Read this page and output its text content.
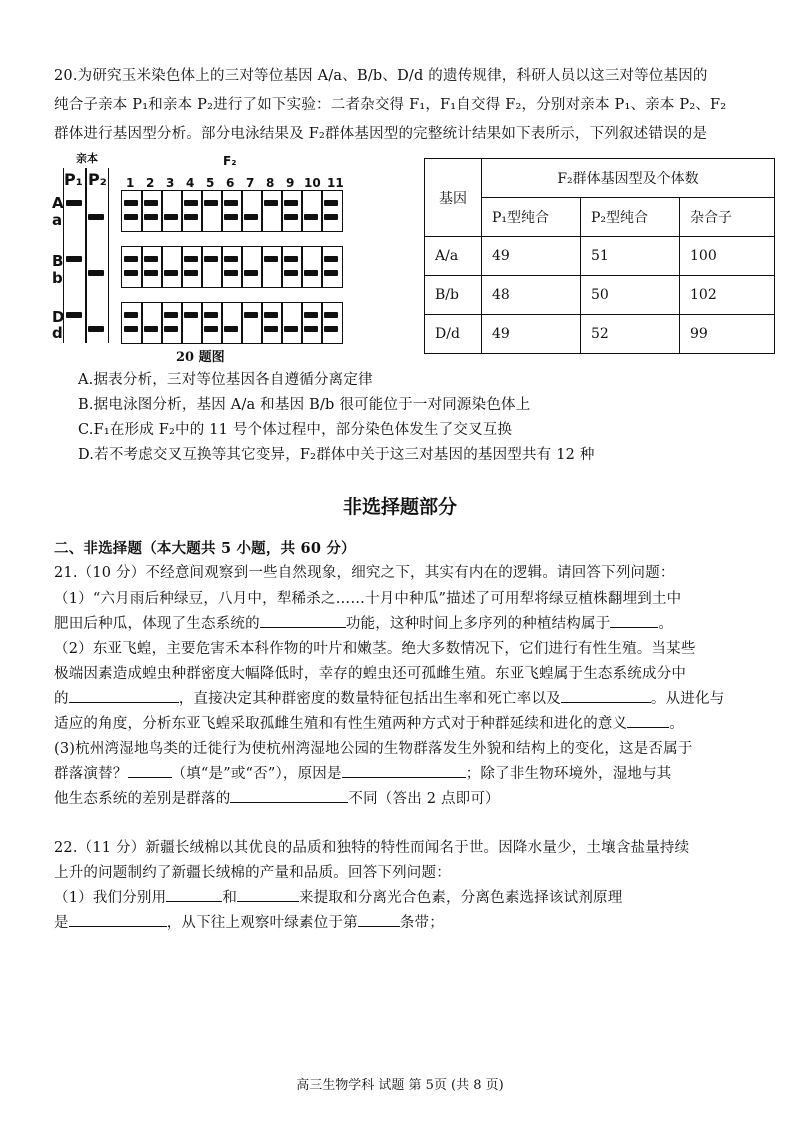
20.为研究玉米染色体上的三对等位基因 A/a、B/b、D/d 的遗传规律，科研人员以这三对等位基因的
纯合子亲本 P₁和亲本 P₂进行了如下实验：二者杂交得 F₁，F₁自交得 F₂，分别对亲本 P₁、亲本 P₂、F₂
群体进行基因型分析。部分电泳结果及 F₂群体基因型的完整统计结果如下表所示，下列叙述错误的是
亲本	F₂
P₁ P₂
A
a
B
b
D
d
1 2 3 4 5 6 7 8 9 10 11
20 题图
基因	F₂群体基因型及个体数		
	P₁型纯合	P₂型纯合	杂合子
A/a	49	51	100
B/b	48	50	102
D/d	49	52	99
A.据表分析，三对等位基因各自遵循分离定律
B.据电泳图分析，基因 A/a 和基因 B/b 很可能位于一对同源染色体上
C.F₁在形成 F₂中的 11 号个体过程中，部分染色体发生了交叉互换
D.若不考虑交叉互换等其它变异，F₂群体中关于这三对基因的基因型共有 12 种
非选择题部分
二、非选择题（本大题共 5 小题，共 60 分）
21.（10 分）不经意间观察到一些自然现象，细究之下，其实有内在的逻辑。请回答下列问题：
（1）“六月雨后种绿豆，八月中，犁稀杀之……十月中种瓜”描述了可用犁将绿豆植株翻埋到土中
肥田后种瓜，体现了生态系统的	功能，这种时间上多序列的种植结构属于	。
（2）东亚飞蝗，主要危害禾本科作物的叶片和嫩茎。绝大多数情况下，它们进行有性生殖。当某些
极端因素造成蝗虫种群密度大幅降低时，幸存的蝗虫还可孤雌生殖。东亚飞蝗属于生态系统成分中
的	，直接决定其种群密度的数量特征包括出生率和死亡率以及	。从进化与
适应的角度，分析东亚飞蝗采取孤雌生殖和有性生殖两种方式对于种群延续和进化的意义	。
(3)杭州湾湿地鸟类的迁徙行为使杭州湾湿地公园的生物群落发生外貌和结构上的变化，这是否属于
群落演替？	（填“是”或“否”），原因是	；除了非生物环境外，湿地与其
他生态系统的差别是群落的	不同（答出 2 点即可）
22.（11 分）新疆长绒棉以其优良的品质和独特的特性而闻名于世。因降水量少，土壤含盐量持续
上升的问题制约了新疆长绒棉的产量和品质。回答下列问题：
（1）我们分别用	和	来提取和分离光合色素，分离色素选择该试剂原理
是	，从下往上观察叶绿素位于第	条带；
高三生物学科 试题 第 5页 (共 8 页)
